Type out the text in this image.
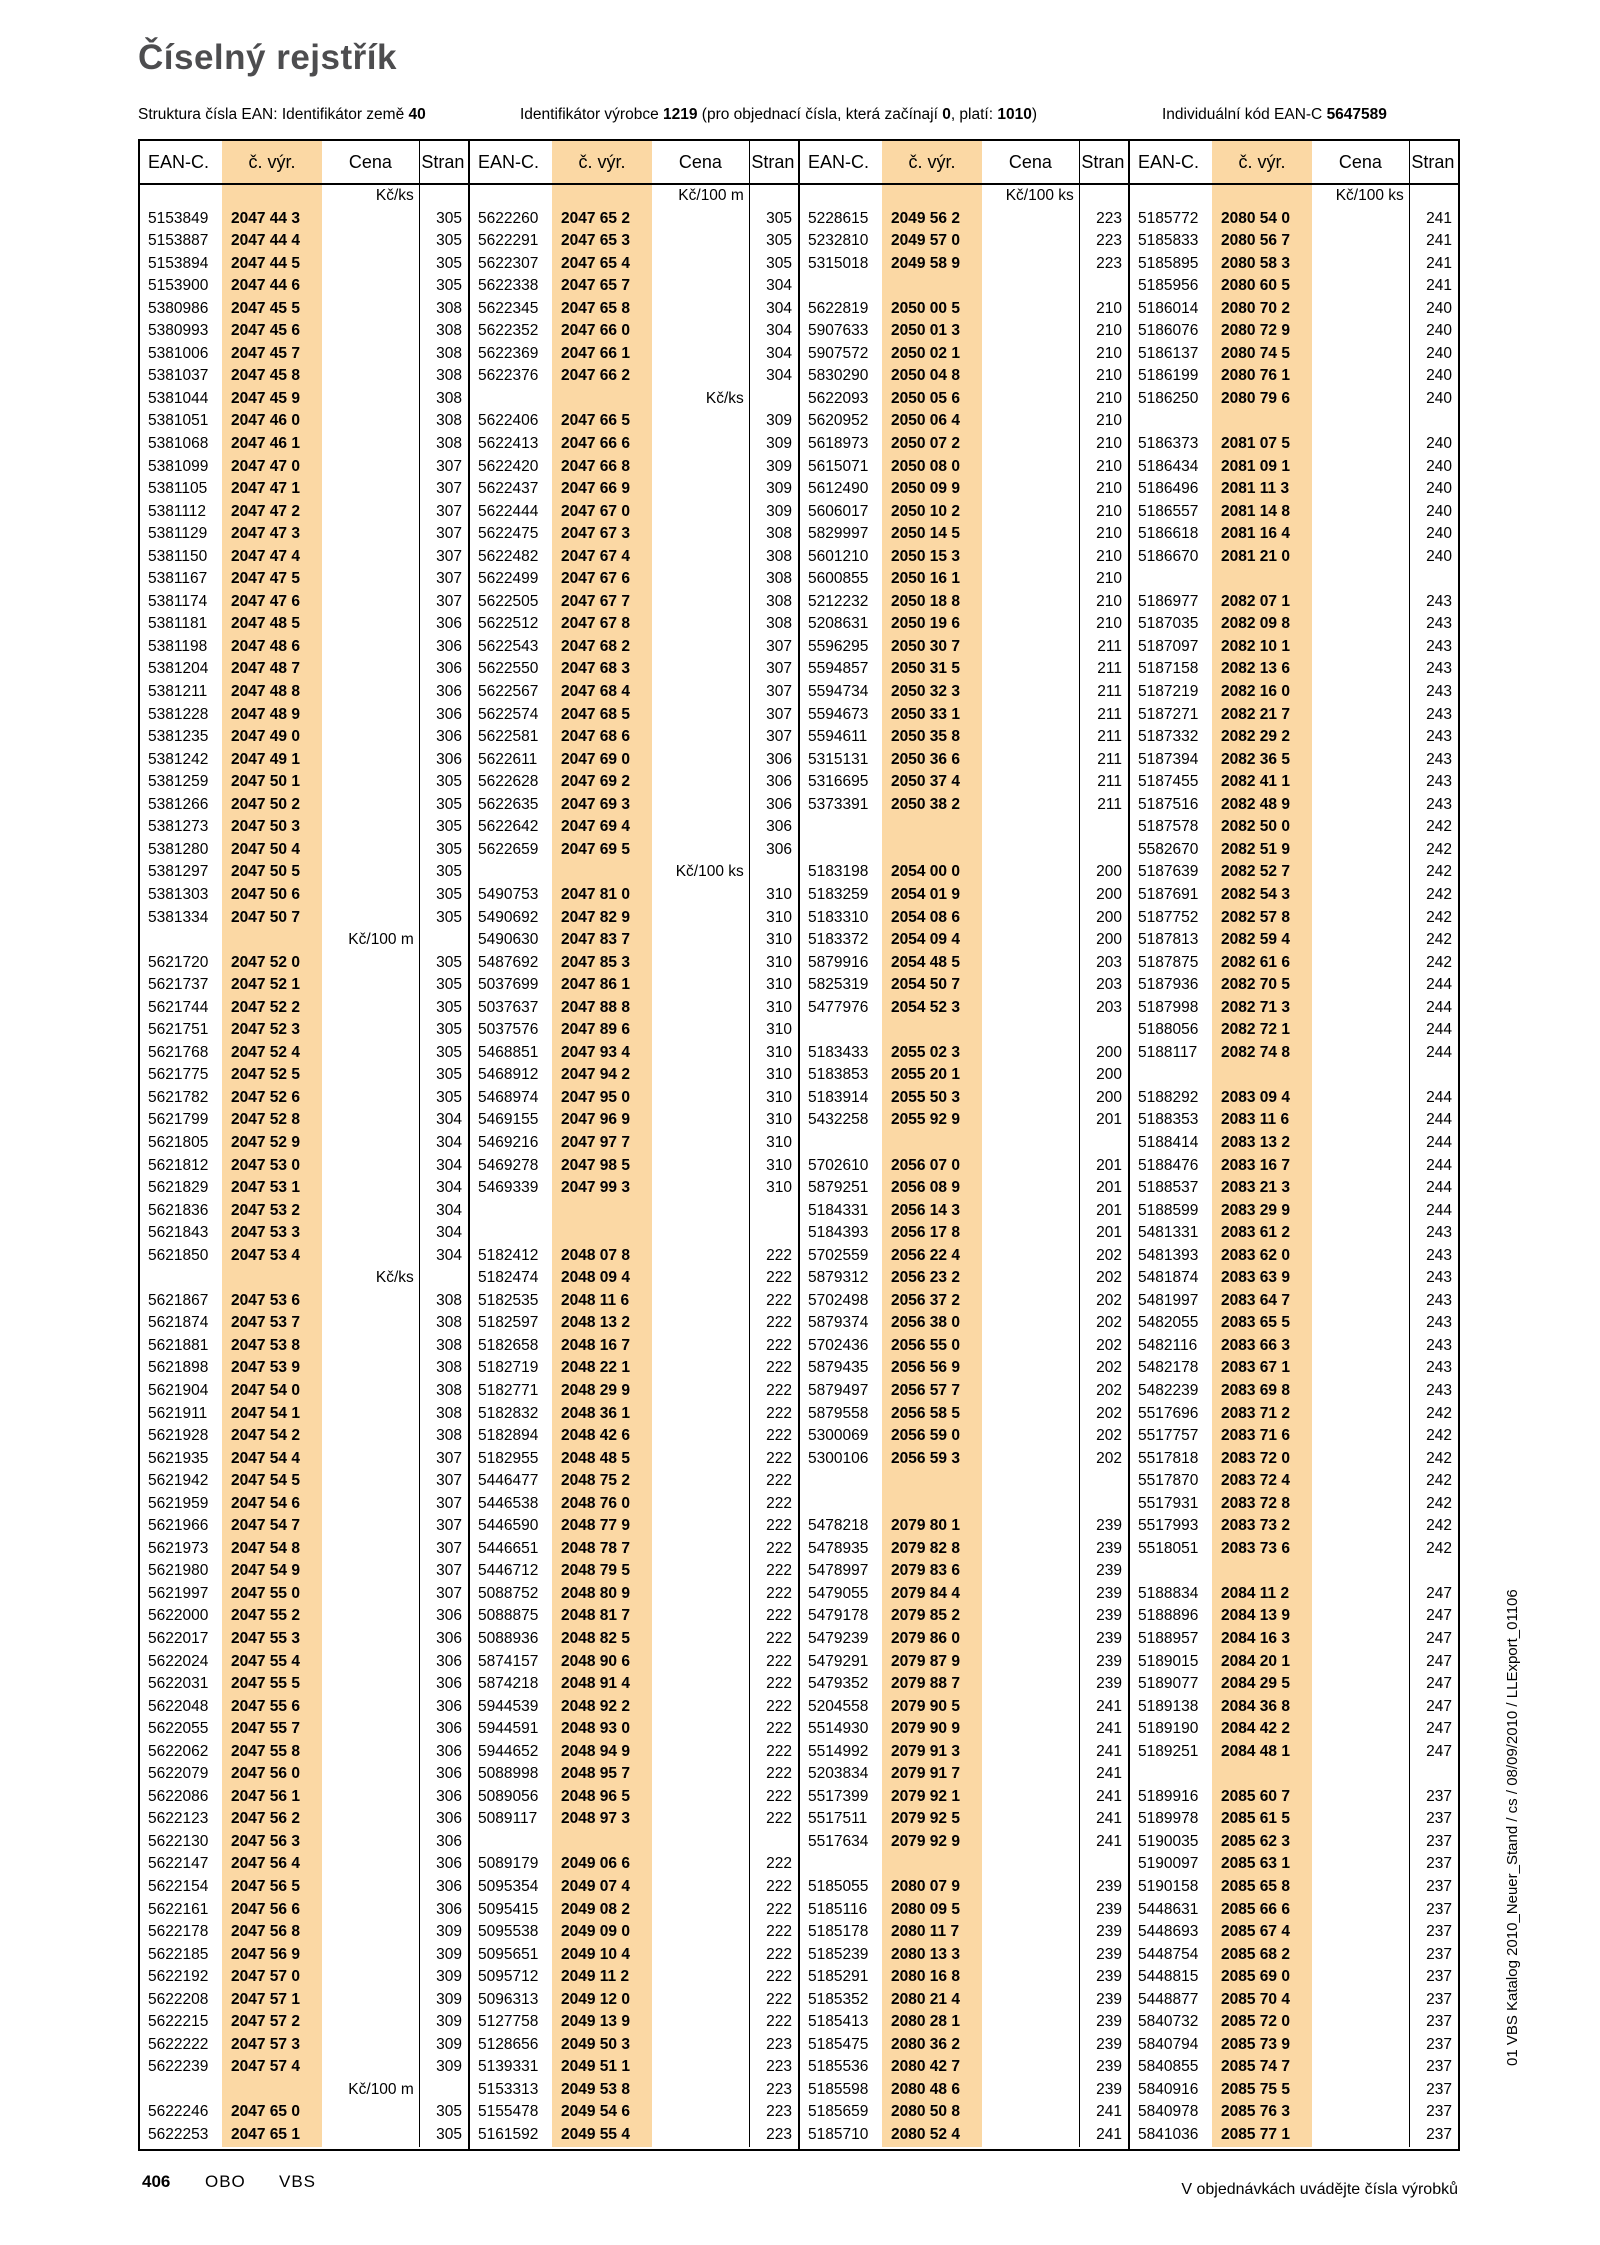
Číselný rejstřík
Struktura čísla EAN: Identifikátor země 40	Identifikátor výrobce 1219 (pro objednací čísla, která začínají 0, platí: 1010)	Individuální kód EAN-C 5647589
EAN-C.	č. výr.	Cena	Stran
Kč/ks
5153849	2047 44 3	305
5153887	2047 44 4	305
5153894	2047 44 5	305
5153900	2047 44 6	305
5380986	2047 45 5	308
5380993	2047 45 6	308
5381006	2047 45 7	308
5381037	2047 45 8	308
5381044	2047 45 9	308
5381051	2047 46 0	308
5381068	2047 46 1	308
5381099	2047 47 0	307
5381105	2047 47 1	307
5381112	2047 47 2	307
5381129	2047 47 3	307
5381150	2047 47 4	307
5381167	2047 47 5	307
5381174	2047 47 6	307
5381181	2047 48 5	306
5381198	2047 48 6	306
5381204	2047 48 7	306
5381211	2047 48 8	306
5381228	2047 48 9	306
5381235	2047 49 0	306
5381242	2047 49 1	306
5381259	2047 50 1	305
5381266	2047 50 2	305
5381273	2047 50 3	305
5381280	2047 50 4	305
5381297	2047 50 5	305
5381303	2047 50 6	305
5381334	2047 50 7	305
Kč/100 m
5621720	2047 52 0	305
5621737	2047 52 1	305
5621744	2047 52 2	305
5621751	2047 52 3	305
5621768	2047 52 4	305
5621775	2047 52 5	305
5621782	2047 52 6	305
5621799	2047 52 8	304
5621805	2047 52 9	304
5621812	2047 53 0	304
5621829	2047 53 1	304
5621836	2047 53 2	304
5621843	2047 53 3	304
5621850	2047 53 4	304
Kč/ks
5621867	2047 53 6	308
5621874	2047 53 7	308
5621881	2047 53 8	308
5621898	2047 53 9	308
5621904	2047 54 0	308
5621911	2047 54 1	308
5621928	2047 54 2	308
5621935	2047 54 4	307
5621942	2047 54 5	307
5621959	2047 54 6	307
5621966	2047 54 7	307
5621973	2047 54 8	307
5621980	2047 54 9	307
5621997	2047 55 0	307
5622000	2047 55 2	306
5622017	2047 55 3	306
5622024	2047 55 4	306
5622031	2047 55 5	306
5622048	2047 55 6	306
5622055	2047 55 7	306
5622062	2047 55 8	306
5622079	2047 56 0	306
5622086	2047 56 1	306
5622123	2047 56 2	306
5622130	2047 56 3	306
5622147	2047 56 4	306
5622154	2047 56 5	306
5622161	2047 56 6	306
5622178	2047 56 8	309
5622185	2047 56 9	309
5622192	2047 57 0	309
5622208	2047 57 1	309
5622215	2047 57 2	309
5622222	2047 57 3	309
5622239	2047 57 4	309
Kč/100 m
5622246	2047 65 0	305
5622253	2047 65 1	305
EAN-C.	č. výr.	Cena	Stran
Kč/100 m
5622260	2047 65 2	305
5622291	2047 65 3	305
5622307	2047 65 4	305
5622338	2047 65 7	304
5622345	2047 65 8	304
5622352	2047 66 0	304
5622369	2047 66 1	304
5622376	2047 66 2	304
Kč/ks
5622406	2047 66 5	309
5622413	2047 66 6	309
5622420	2047 66 8	309
5622437	2047 66 9	309
5622444	2047 67 0	309
5622475	2047 67 3	308
5622482	2047 67 4	308
5622499	2047 67 6	308
5622505	2047 67 7	308
5622512	2047 67 8	308
5622543	2047 68 2	307
5622550	2047 68 3	307
5622567	2047 68 4	307
5622574	2047 68 5	307
5622581	2047 68 6	307
5622611	2047 69 0	306
5622628	2047 69 2	306
5622635	2047 69 3	306
5622642	2047 69 4	306
5622659	2047 69 5	306
Kč/100 ks
5490753	2047 81 0	310
5490692	2047 82 9	310
5490630	2047 83 7	310
5487692	2047 85 3	310
5037699	2047 86 1	310
5037637	2047 88 8	310
5037576	2047 89 6	310
5468851	2047 93 4	310
5468912	2047 94 2	310
5468974	2047 95 0	310
5469155	2047 96 9	310
5469216	2047 97 7	310
5469278	2047 98 5	310
5469339	2047 99 3	310
5182412	2048 07 8	222
5182474	2048 09 4	222
5182535	2048 11 6	222
5182597	2048 13 2	222
5182658	2048 16 7	222
5182719	2048 22 1	222
5182771	2048 29 9	222
5182832	2048 36 1	222
5182894	2048 42 6	222
5182955	2048 48 5	222
5446477	2048 75 2	222
5446538	2048 76 0	222
5446590	2048 77 9	222
5446651	2048 78 7	222
5446712	2048 79 5	222
5088752	2048 80 9	222
5088875	2048 81 7	222
5088936	2048 82 5	222
5874157	2048 90 6	222
5874218	2048 91 4	222
5944539	2048 92 2	222
5944591	2048 93 0	222
5944652	2048 94 9	222
5088998	2048 95 7	222
5089056	2048 96 5	222
5089117	2048 97 3	222
5089179	2049 06 6	222
5095354	2049 07 4	222
5095415	2049 08 2	222
5095538	2049 09 0	222
5095651	2049 10 4	222
5095712	2049 11 2	222
5096313	2049 12 0	222
5127758	2049 13 9	222
5128656	2049 50 3	223
5139331	2049 51 1	223
5153313	2049 53 8	223
5155478	2049 54 6	223
5161592	2049 55 4	223
EAN-C.	č. výr.	Cena	Stran
Kč/100 ks
5228615	2049 56 2	223
5232810	2049 57 0	223
5315018	2049 58 9	223
5622819	2050 00 5	210
5907633	2050 01 3	210
5907572	2050 02 1	210
5830290	2050 04 8	210
5622093	2050 05 6	210
5620952	2050 06 4	210
5618973	2050 07 2	210
5615071	2050 08 0	210
5612490	2050 09 9	210
5606017	2050 10 2	210
5829997	2050 14 5	210
5601210	2050 15 3	210
5600855	2050 16 1	210
5212232	2050 18 8	210
5208631	2050 19 6	210
5596295	2050 30 7	211
5594857	2050 31 5	211
5594734	2050 32 3	211
5594673	2050 33 1	211
5594611	2050 35 8	211
5315131	2050 36 6	211
5316695	2050 37 4	211
5373391	2050 38 2	211
5183198	2054 00 0	200
5183259	2054 01 9	200
5183310	2054 08 6	200
5183372	2054 09 4	200
5879916	2054 48 5	203
5825319	2054 50 7	203
5477976	2054 52 3	203
5183433	2055 02 3	200
5183853	2055 20 1	200
5183914	2055 50 3	200
5432258	2055 92 9	201
5702610	2056 07 0	201
5879251	2056 08 9	201
5184331	2056 14 3	201
5184393	2056 17 8	201
5702559	2056 22 4	202
5879312	2056 23 2	202
5702498	2056 37 2	202
5879374	2056 38 0	202
5702436	2056 55 0	202
5879435	2056 56 9	202
5879497	2056 57 7	202
5879558	2056 58 5	202
5300069	2056 59 0	202
5300106	2056 59 3	202
5478218	2079 80 1	239
5478935	2079 82 8	239
5478997	2079 83 6	239
5479055	2079 84 4	239
5479178	2079 85 2	239
5479239	2079 86 0	239
5479291	2079 87 9	239
5479352	2079 88 7	239
5204558	2079 90 5	241
5514930	2079 90 9	241
5514992	2079 91 3	241
5203834	2079 91 7	241
5517399	2079 92 1	241
5517511	2079 92 5	241
5517634	2079 92 9	241
5185055	2080 07 9	239
5185116	2080 09 5	239
5185178	2080 11 7	239
5185239	2080 13 3	239
5185291	2080 16 8	239
5185352	2080 21 4	239
5185413	2080 28 1	239
5185475	2080 36 2	239
5185536	2080 42 7	239
5185598	2080 48 6	239
5185659	2080 50 8	241
5185710	2080 52 4	241
EAN-C.	č. výr.	Cena	Stran
Kč/100 ks
5185772	2080 54 0	241
5185833	2080 56 7	241
5185895	2080 58 3	241
5185956	2080 60 5	241
5186014	2080 70 2	240
5186076	2080 72 9	240
5186137	2080 74 5	240
5186199	2080 76 1	240
5186250	2080 79 6	240
5186373	2081 07 5	240
5186434	2081 09 1	240
5186496	2081 11 3	240
5186557	2081 14 8	240
5186618	2081 16 4	240
5186670	2081 21 0	240
5186977	2082 07 1	243
5187035	2082 09 8	243
5187097	2082 10 1	243
5187158	2082 13 6	243
5187219	2082 16 0	243
5187271	2082 21 7	243
5187332	2082 29 2	243
5187394	2082 36 5	243
5187455	2082 41 1	243
5187516	2082 48 9	243
5187578	2082 50 0	242
5582670	2082 51 9	242
5187639	2082 52 7	242
5187691	2082 54 3	242
5187752	2082 57 8	242
5187813	2082 59 4	242
5187875	2082 61 6	242
5187936	2082 70 5	244
5187998	2082 71 3	244
5188056	2082 72 1	244
5188117	2082 74 8	244
5188292	2083 09 4	244
5188353	2083 11 6	244
5188414	2083 13 2	244
5188476	2083 16 7	244
5188537	2083 21 3	244
5188599	2083 29 9	244
5481331	2083 61 2	243
5481393	2083 62 0	243
5481874	2083 63 9	243
5481997	2083 64 7	243
5482055	2083 65 5	243
5482116	2083 66 3	243
5482178	2083 67 1	243
5482239	2083 69 8	243
5517696	2083 71 2	242
5517757	2083 71 6	242
5517818	2083 72 0	242
5517870	2083 72 4	242
5517931	2083 72 8	242
5517993	2083 73 2	242
5518051	2083 73 6	242
5188834	2084 11 2	247
5188896	2084 13 9	247
5188957	2084 16 3	247
5189015	2084 20 1	247
5189077	2084 29 5	247
5189138	2084 36 8	247
5189190	2084 42 2	247
5189251	2084 48 1	247
5189916	2085 60 7	237
5189978	2085 61 5	237
5190035	2085 62 3	237
5190097	2085 63 1	237
5190158	2085 65 8	237
5448631	2085 66 6	237
5448693	2085 67 4	237
5448754	2085 68 2	237
5448815	2085 69 0	237
5448877	2085 70 4	237
5840732	2085 72 0	237
5840794	2085 73 9	237
5840855	2085 74 7	237
5840916	2085 75 5	237
5840978	2085 76 3	237
5841036	2085 77 1	237
406 OBO VBS	V objednávkách uvádějte čísla výrobků
01 VBS Katalog 2010_Neuer_Stand / cs / 08/09/2010 / LLExport_01106
